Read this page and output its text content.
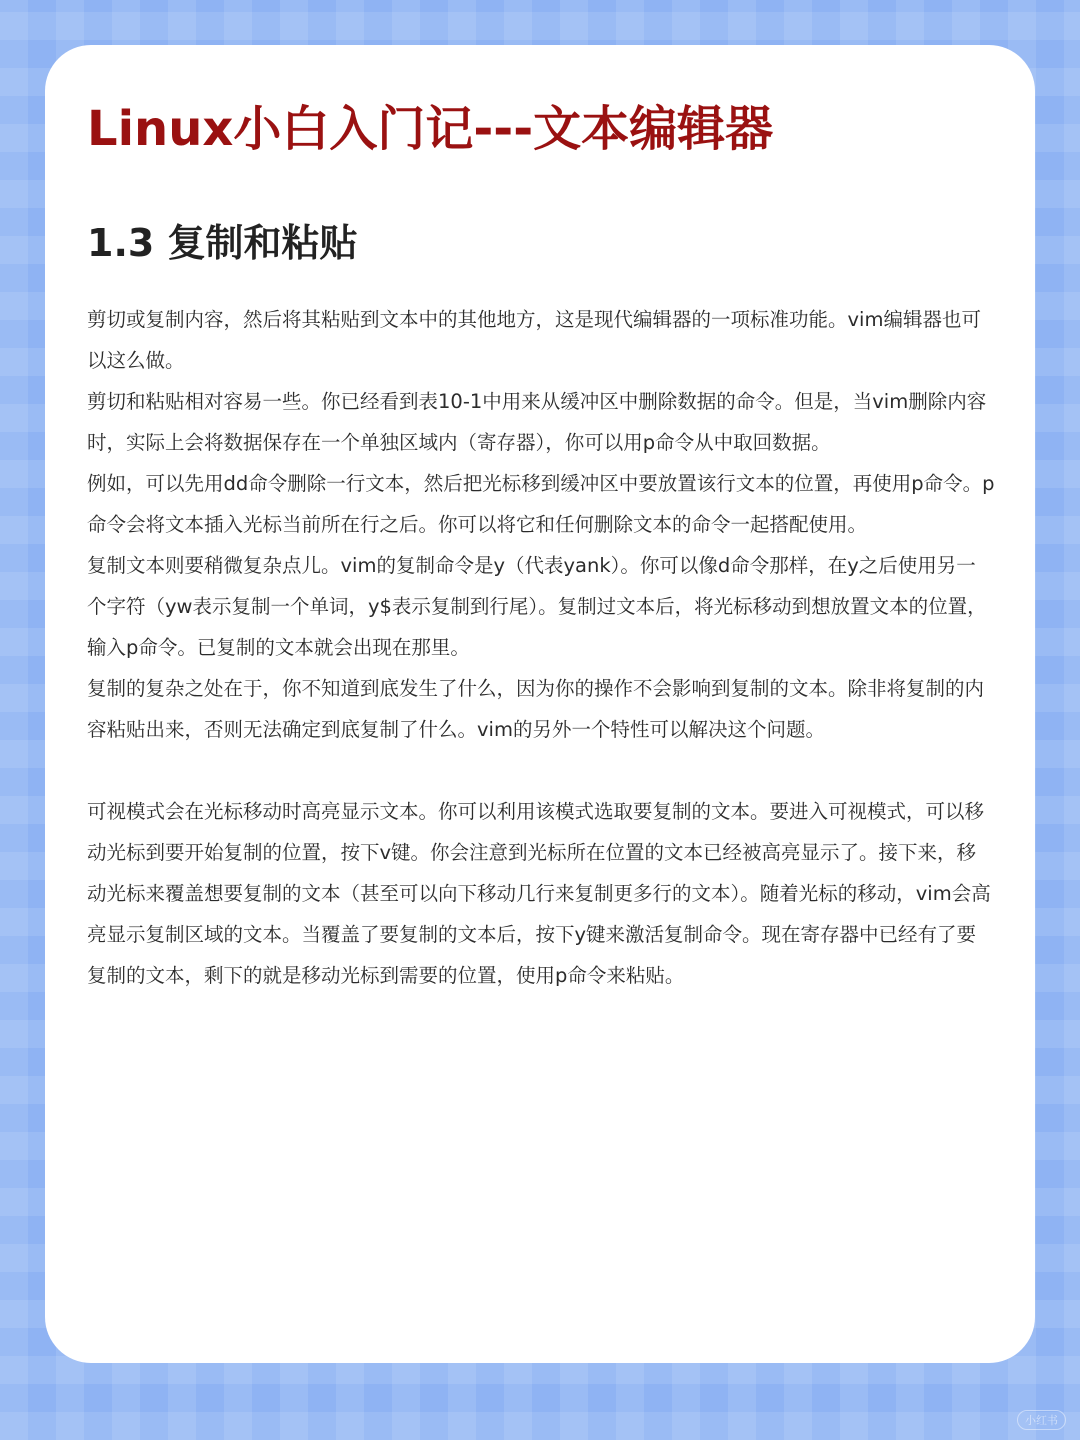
Linux小白入门记---文本编辑器
1.3 复制和粘贴

剪切或复制内容，然后将其粘贴到文本中的其他地方，这是现代编辑器的一项标准功能。vim编辑器也可以这么做。

剪切和粘贴相对容易一些。你已经看到表10-1中用来从缓冲区中删除数据的命令。但是，当vim删除内容时，实际上会将数据保存在一个单独区域内（寄存器），你可以用p命令从中取回数据。

例如，可以先用dd命令删除一行文本，然后把光标移到缓冲区中要放置该行文本的位置，再使用p命令。p命令会将文本插入光标当前所在行之后。你可以将它和任何删除文本的命令一起搭配使用。

复制文本则要稍微复杂点儿。vim的复制命令是y（代表yank）。你可以像d命令那样，在y之后使用另一个字符（yw表示复制一个单词，y$表示复制到行尾）。复制过文本后，将光标移动到想放置文本的位置，输入p命令。已复制的文本就会出现在那里。

复制的复杂之处在于，你不知道到底发生了什么，因为你的操作不会影响到复制的文本。除非将复制的内容粘贴出来，否则无法确定到底复制了什么。vim的另外一个特性可以解决这个问题。

可视模式会在光标移动时高亮显示文本。你可以利用该模式选取要复制的文本。要进入可视模式，可以移动光标到要开始复制的位置，按下v键。你会注意到光标所在位置的文本已经被高亮显示了。接下来，移动光标来覆盖想要复制的文本（甚至可以向下移动几行来复制更多行的文本）。随着光标的移动，vim会高亮显示复制区域的文本。当覆盖了要复制的文本后，按下y键来激活复制命令。现在寄存器中已经有了要复制的文本，剩下的就是移动光标到需要的位置，使用p命令来粘贴。

小红书
